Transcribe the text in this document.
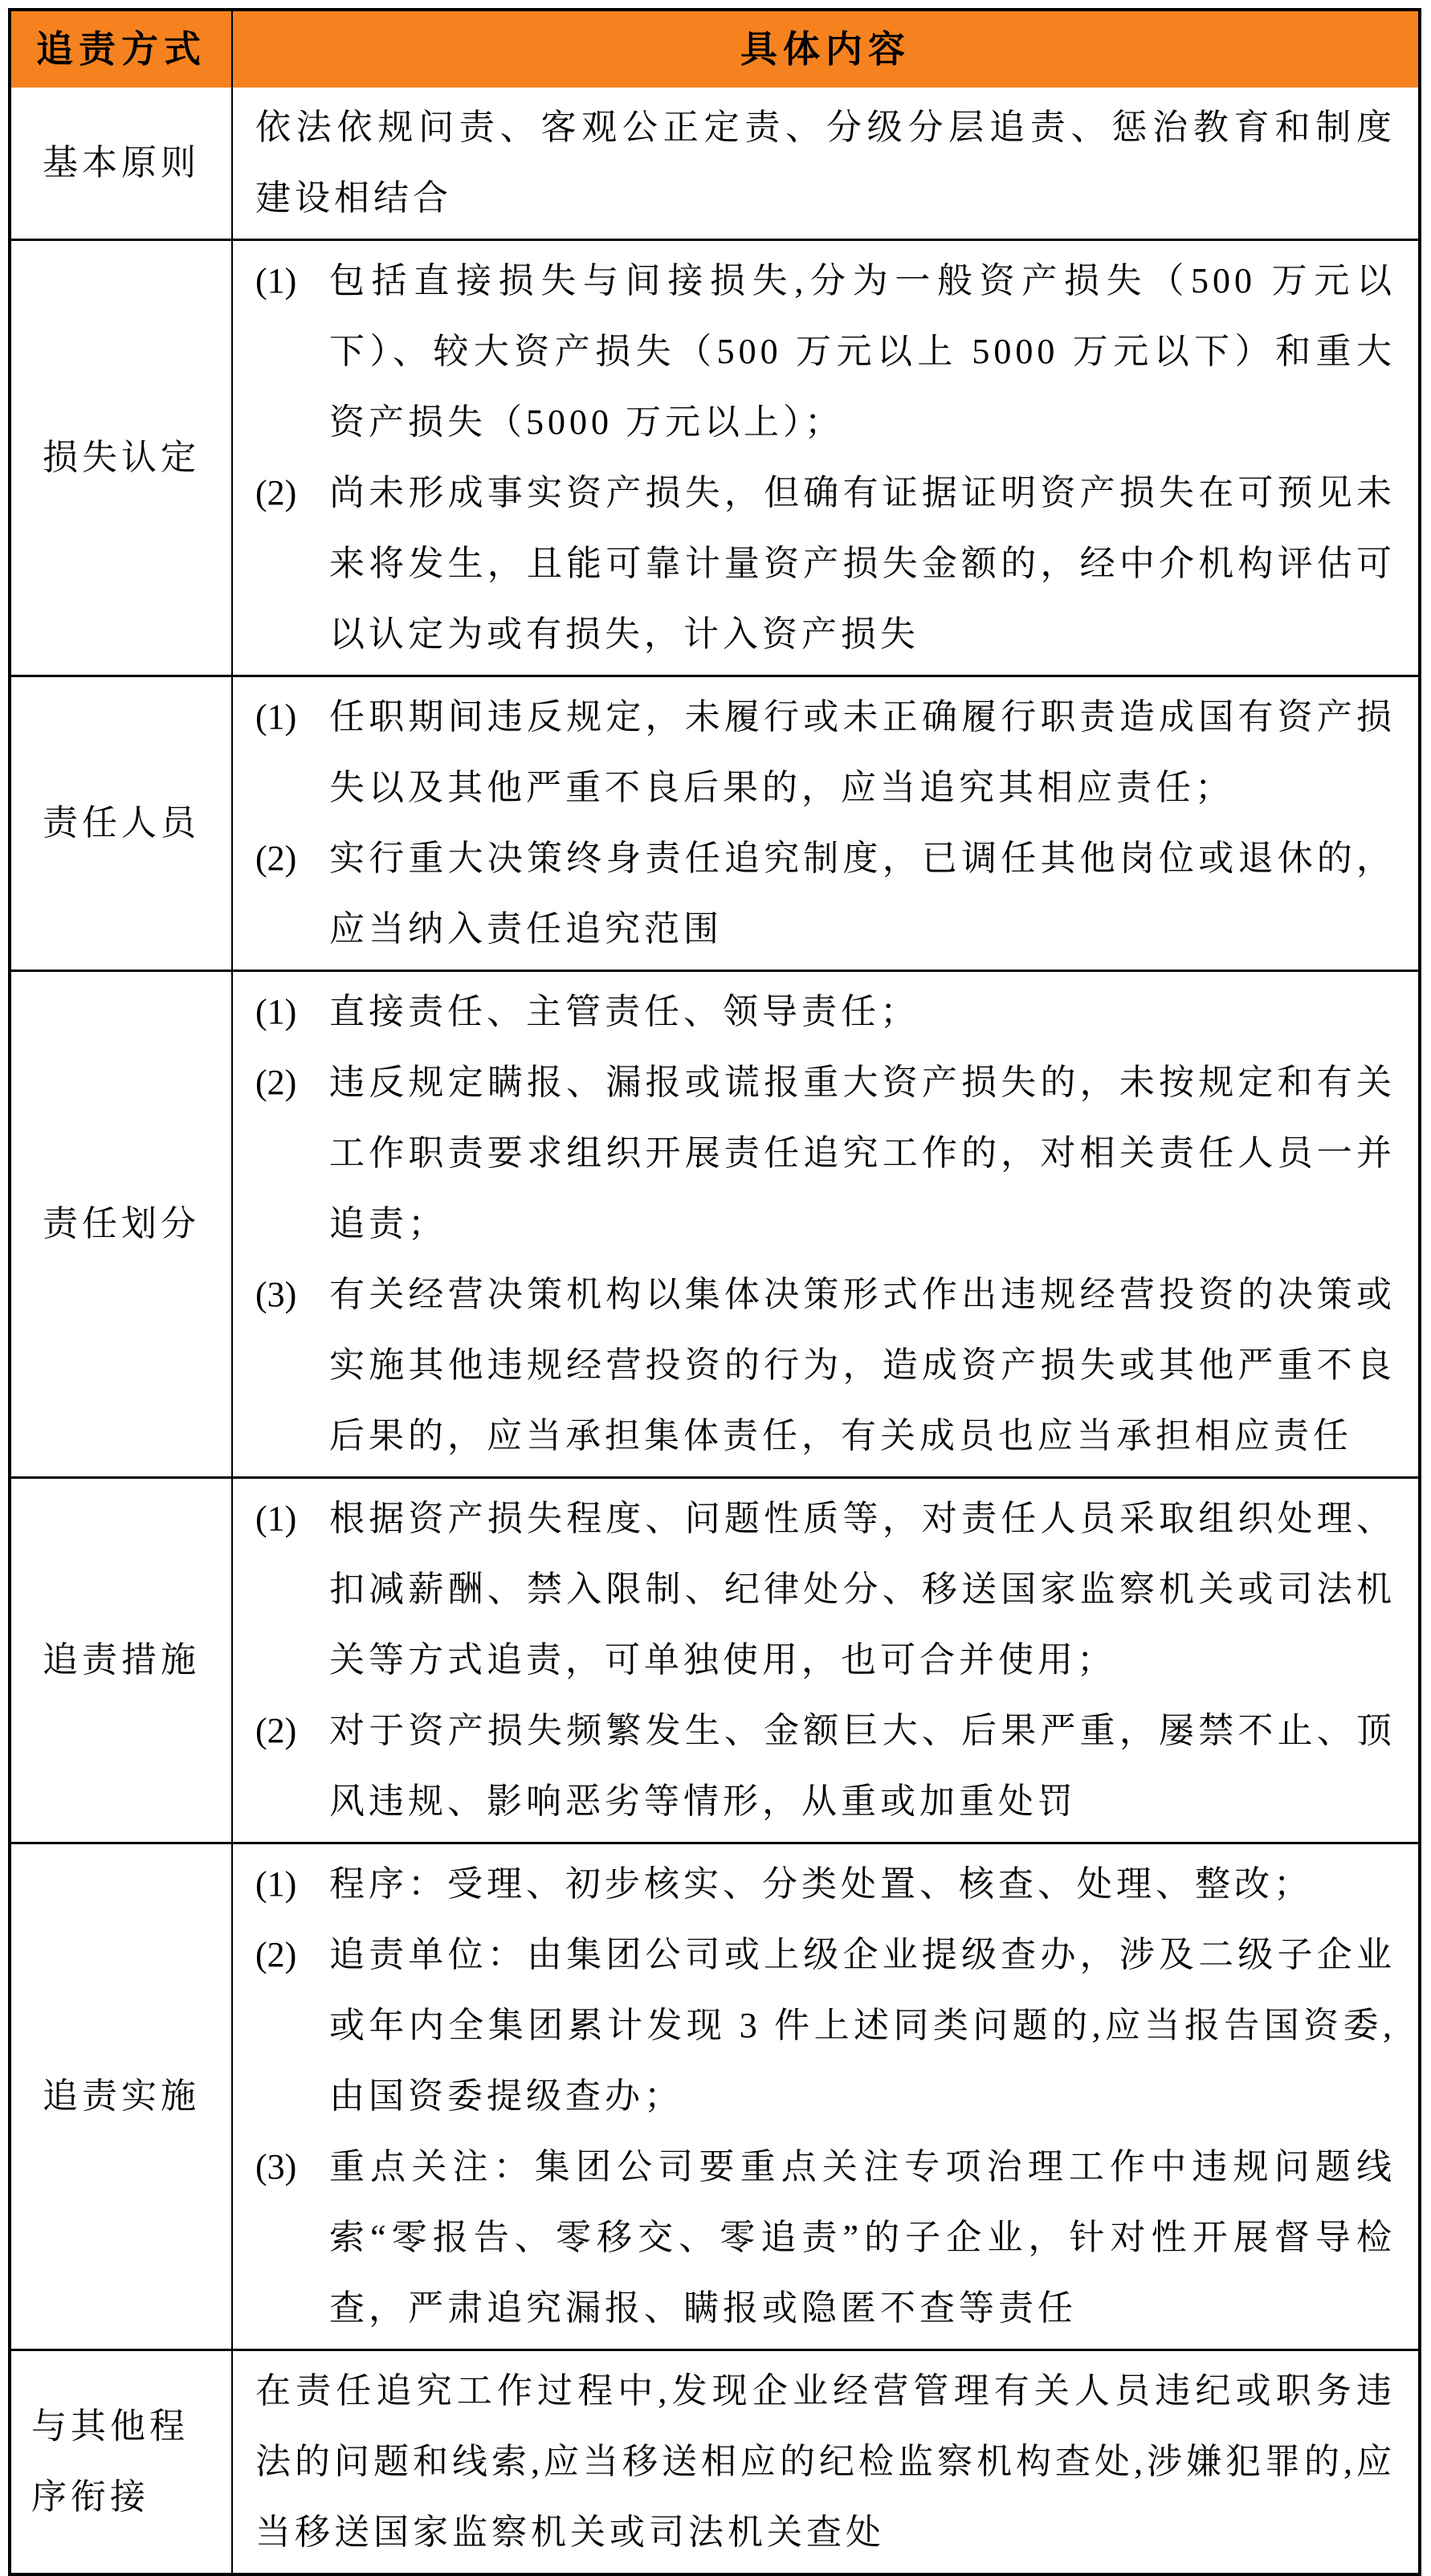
追责方式	具体内容
基本原则
依法依规问责、客观公正定责、分级分层追责、惩治教育和制度建设相结合
损失认定
(1) 包括直接损失与间接损失,分为一般资产损失（500 万元以下）、较大资产损失（500 万元以上 5000 万元以下）和重大资产损失（5000 万元以上）；
(2) 尚未形成事实资产损失，但确有证据证明资产损失在可预见未来将发生，且能可靠计量资产损失金额的，经中介机构评估可以认定为或有损失，计入资产损失
责任人员
(1) 任职期间违反规定，未履行或未正确履行职责造成国有资产损失以及其他严重不良后果的，应当追究其相应责任；
(2) 实行重大决策终身责任追究制度，已调任其他岗位或退休的，应当纳入责任追究范围
责任划分
(1) 直接责任、主管责任、领导责任；
(2) 违反规定瞒报、漏报或谎报重大资产损失的，未按规定和有关工作职责要求组织开展责任追究工作的，对相关责任人员一并追责；
(3) 有关经营决策机构以集体决策形式作出违规经营投资的决策或实施其他违规经营投资的行为，造成资产损失或其他严重不良后果的，应当承担集体责任，有关成员也应当承担相应责任
追责措施
(1) 根据资产损失程度、问题性质等，对责任人员采取组织处理、扣减薪酬、禁入限制、纪律处分、移送国家监察机关或司法机关等方式追责，可单独使用，也可合并使用；
(2) 对于资产损失频繁发生、金额巨大、后果严重，屡禁不止、顶风违规、影响恶劣等情形，从重或加重处罚
追责实施
(1) 程序：受理、初步核实、分类处置、核查、处理、整改；
(2) 追责单位：由集团公司或上级企业提级查办，涉及二级子企业或年内全集团累计发现 3 件上述同类问题的,应当报告国资委,由国资委提级查办；
(3) 重点关注：集团公司要重点关注专项治理工作中违规问题线索“零报告、零移交、零追责”的子企业，针对性开展督导检查，严肃追究漏报、瞒报或隐匿不查等责任
与其他程序衔接
在责任追究工作过程中,发现企业经营管理有关人员违纪或职务违法的问题和线索,应当移送相应的纪检监察机构查处,涉嫌犯罪的,应当移送国家监察机关或司法机关查处
